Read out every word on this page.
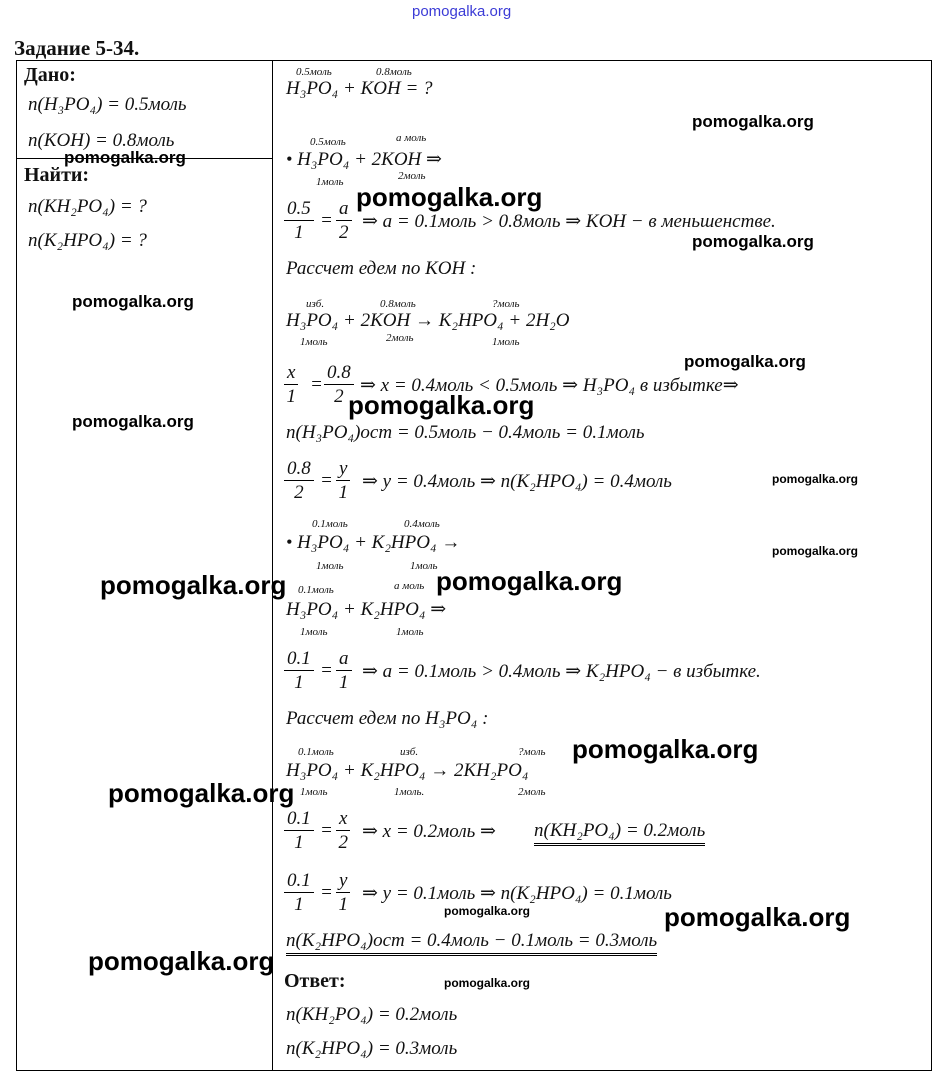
pomogalka.org
Задание 5-34.
Дано:
n(H₃PO₄) = 0.5моль
n(KOH) = 0.8моль
Найти:
n(KH₂PO₄) = ?
n(K₂HPO₄) = ?
0.5моль	0.8моль
H₃PO₄ + KOH = ?
0.5моль	a моль
• H₃PO₄ + 2KOH ⇒
1моль	2моль
$\frac{0.5}{1} = \frac{a}{2}$ ⇒ a = 0.1моль > 0.8моль ⇒ KOH − в меньшенстве.
Рассчет едем по KOH :
изб.	0.8моль	?моль
H₃PO₄ + 2KOH → K₂HPO₄ + 2H₂O
1моль	2моль	1моль
$\frac{x}{1} = \frac{0.8}{2}$ ⇒ x = 0.4моль < 0.5моль ⇒ H₃PO₄ в избытке⇒
n(H₃PO₄)ост = 0.5моль − 0.4моль = 0.1моль
$\frac{0.8}{2} = \frac{y}{1}$ ⇒ y = 0.4моль ⇒ n(K₂HPO₄) = 0.4моль
0.1моль	0.4моль
• H₃PO₄ + K₂HPO₄ →
1моль	1моль
0.1моль	a моль
H₃PO₄ + K₂HPO₄ ⇒
1моль	1моль
$\frac{0.1}{1} = \frac{a}{1}$ ⇒ a = 0.1моль > 0.4моль ⇒ K₂HPO₄ − в избытке.
Рассчет едем по H₃PO₄ :
0.1моль	изб.	?моль
H₃PO₄ + K₂HPO₄ → 2KH₂PO₄
1моль	1моль.	2моль
$\frac{0.1}{1} = \frac{x}{2}$ ⇒ x = 0.2моль ⇒ n(KH₂PO₄) = 0.2моль
$\frac{0.1}{1} = \frac{y}{1}$ ⇒ y = 0.1моль ⇒ n(K₂HPO₄) = 0.1моль
n(K₂HPO₄)ост = 0.4моль − 0.1моль = 0.3моль
Ответ:
n(KH₂PO₄) = 0.2моль
n(K₂HPO₄) = 0.3моль
pomogalka.org
pomogalka.org
pomogalka.org
pomogalka.org
pomogalka.org
pomogalka.org
pomogalka.org
pomogalka.org
pomogalka.org
pomogalka.org
pomogalka.org	pomogalka.org
pomogalka.org
pomogalka.org
pomogalka.org	pomogalka.org
pomogalka.org
pomogalka.org
